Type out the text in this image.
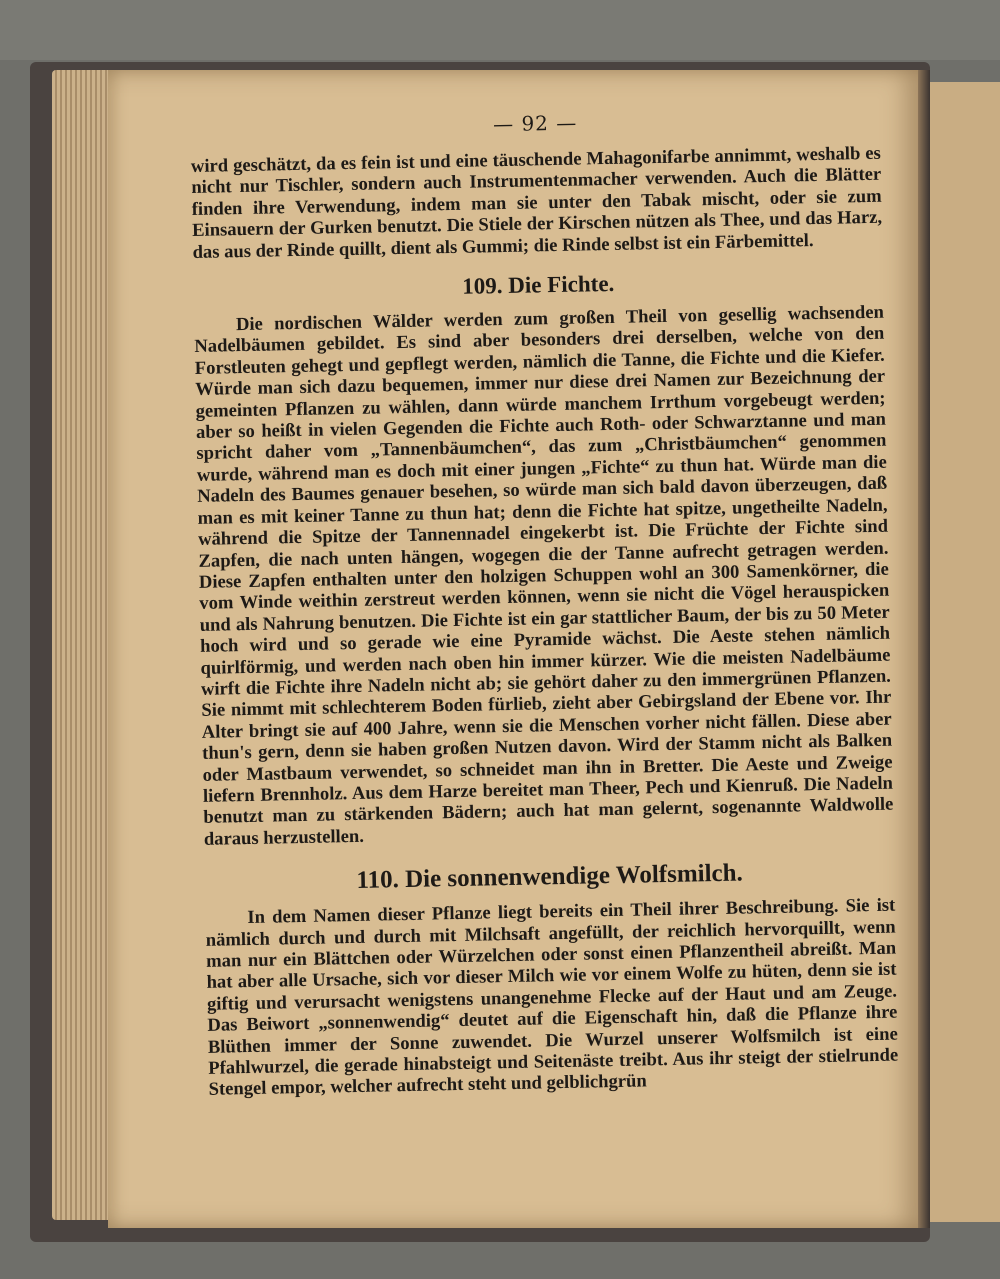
— 92 —

wird geschätzt, da es fein ist und eine täuschende Mahagonifarbe annimmt, weshalb es nicht nur Tischler, sondern auch Instrumentenmacher verwenden. Auch die Blätter finden ihre Verwendung, indem man sie unter den Tabak mischt, oder sie zum Einsauern der Gurken benutzt. Die Stiele der Kirschen nützen als Thee, und das Harz, das aus der Rinde quillt, dient als Gummi; die Rinde selbst ist ein Färbemittel.

109. Die Fichte.

Die nordischen Wälder werden zum großen Theil von gesellig wachsenden Nadelbäumen gebildet. Es sind aber besonders drei derselben, welche von den Forstleuten gehegt und gepflegt werden, nämlich die Tanne, die Fichte und die Kiefer. Würde man sich dazu bequemen, immer nur diese drei Namen zur Bezeichnung der gemeinten Pflanzen zu wählen, dann würde manchem Irrthum vorgebeugt werden; aber so heißt in vielen Gegenden die Fichte auch Roth- oder Schwarztanne und man spricht daher vom „Tannenbäumchen“, das zum „Christbäumchen“ genommen wurde, während man es doch mit einer jungen „Fichte“ zu thun hat. Würde man die Nadeln des Baumes genauer besehen, so würde man sich bald davon überzeugen, daß man es mit keiner Tanne zu thun hat; denn die Fichte hat spitze, ungetheilte Nadeln, während die Spitze der Tannennadel eingekerbt ist. Die Früchte der Fichte sind Zapfen, die nach unten hängen, wogegen die der Tanne aufrecht getragen werden. Diese Zapfen enthalten unter den holzigen Schuppen wohl an 300 Samenkörner, die vom Winde weithin zerstreut werden können, wenn sie nicht die Vögel herauspicken und als Nahrung benutzen. Die Fichte ist ein gar stattlicher Baum, der bis zu 50 Meter hoch wird und so gerade wie eine Pyramide wächst. Die Aeste stehen nämlich quirlförmig, und werden nach oben hin immer kürzer. Wie die meisten Nadelbäume wirft die Fichte ihre Nadeln nicht ab; sie gehört daher zu den immergrünen Pflanzen. Sie nimmt mit schlechterem Boden fürlieb, zieht aber Gebirgsland der Ebene vor. Ihr Alter bringt sie auf 400 Jahre, wenn sie die Menschen vorher nicht fällen. Diese aber thun's gern, denn sie haben großen Nutzen davon. Wird der Stamm nicht als Balken oder Mastbaum verwendet, so schneidet man ihn in Bretter. Die Aeste und Zweige liefern Brennholz. Aus dem Harze bereitet man Theer, Pech und Kienruß. Die Nadeln benutzt man zu stärkenden Bädern; auch hat man gelernt, sogenannte Waldwolle daraus herzustellen.

110. Die sonnenwendige Wolfsmilch.

In dem Namen dieser Pflanze liegt bereits ein Theil ihrer Beschreibung. Sie ist nämlich durch und durch mit Milchsaft angefüllt, der reichlich hervorquillt, wenn man nur ein Blättchen oder Würzelchen oder sonst einen Pflanzentheil abreißt. Man hat aber alle Ursache, sich vor dieser Milch wie vor einem Wolfe zu hüten, denn sie ist giftig und verursacht wenigstens unangenehme Flecke auf der Haut und am Zeuge. Das Beiwort „sonnenwendig“ deutet auf die Eigenschaft hin, daß die Pflanze ihre Blüthen immer der Sonne zuwendet. Die Wurzel unserer Wolfsmilch ist eine Pfahlwurzel, die gerade hinabsteigt und Seitenäste treibt. Aus ihr steigt der stielrunde Stengel empor, welcher aufrecht steht und gelblichgrün
